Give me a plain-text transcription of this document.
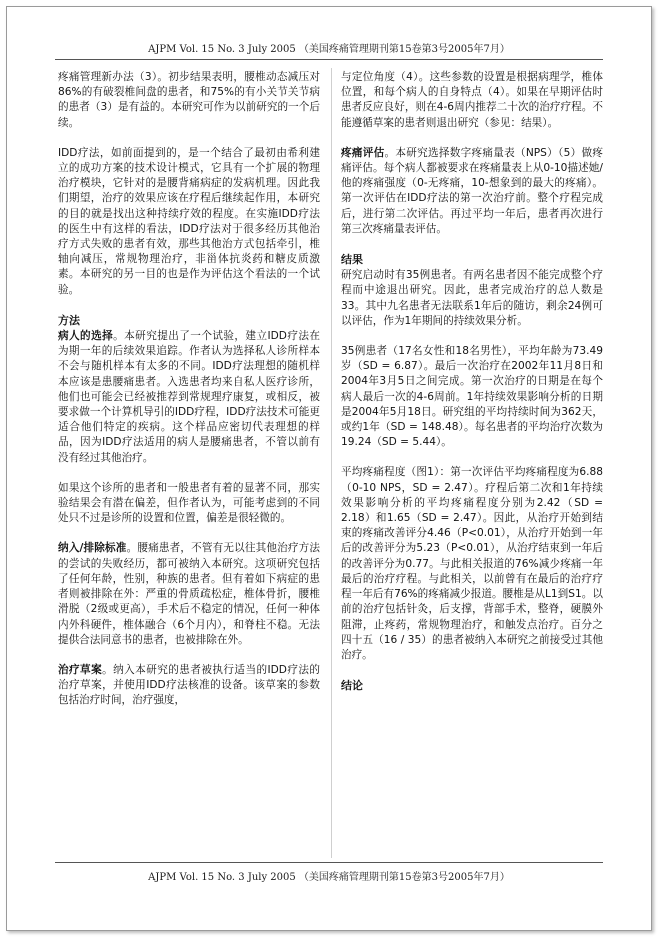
AJPM Vol. 15 No. 3 July 2005 （美国疼痛管理期刊第15卷第3号2005年7月）

疼痛管理新办法（3）。初步结果表明，腰椎动态减压对86%的有破裂椎间盘的患者，和75%的有小关节关节病的患者（3）是有益的。本研究可作为以前研究的一个后续。

IDD疗法，如前面提到的，是一个结合了最初由希利建立的成功方案的技术设计模式，它具有一个扩展的物理治疗模块，它针对的是腰背痛病症的发病机理。因此我们期望，治疗的效果应该在疗程后继续起作用，本研究的目的就是找出这种持续疗效的程度。在实施IDD疗法的医生中有这样的看法，IDD疗法对于很多经历其他治疗方式失败的患者有效，那些其他治方式包括牵引，椎轴向减压，常规物理治疗，非甾体抗炎药和糖皮质激素。本研究的另一目的也是作为评估这个看法的一个试验。

方法

病人的选择。本研究提出了一个试验，建立IDD疗法在为期一年的后续效果追踪。作者认为选择私人诊所样本不会与随机样本有太多的不同。IDD疗法理想的随机样本应该是患腰痛患者。入选患者均来自私人医疗诊所，他们也可能会已经被推荐到常规理疗康复，或相反，被要求做一个计算机导引的IDD疗程，IDD疗法技术可能更适合他们特定的疾病。这个样品应密切代表理想的样品，因为IDD疗法适用的病人是腰痛患者，不管以前有没有经过其他治疗。

如果这个诊所的患者和一般患者有着的显著不同，那实验结果会有潜在偏差，但作者认为，可能考虑到的不同处只不过是诊所的设置和位置，偏差是很轻微的。

纳入/排除标准。腰痛患者，不管有无以往其他治疗方法的尝试的失败经历，都可被纳入本研究。这项研究包括了任何年龄，性别，种族的患者。但有着如下病症的患者则被排除在外：严重的骨质疏松症，椎体骨折，腰椎滑脱（2级或更高），手术后不稳定的情况，任何一种体内外科硬件，椎体融合（6个月内），和脊柱不稳。无法提供合法同意书的患者，也被排除在外。

治疗草案。纳入本研究的患者被执行适当的IDD疗法的治疗草案，并使用IDD疗法核准的设备。该草案的参数包括治疗时间，治疗强度，

与定位角度（4）。这些参数的设置是根据病理学，椎体位置，和每个病人的自身特点（4）。如果在早期评估时患者反应良好，则在4-6周内推荐二十次的治疗疗程。不能遵循草案的患者则退出研究（参见：结果）。

疼痛评估。本研究选择数字疼痛量表（NPS）（5）做疼痛评估。每个病人都被要求在疼痛量表上从0-10描述她/他的疼痛强度（0-无疼痛，10-想象到的最大的疼痛）。第一次评估在IDD疗法的第一次治疗前。整个疗程完成后，进行第二次评估。再过平均一年后，患者再次进行第三次疼痛量表评估。

结果

研究启动时有35例患者。有两名患者因不能完成整个疗程而中途退出研究。因此，患者完成治疗的总人数是33。其中九名患者无法联系1年后的随访，剩余24例可以评估，作为1年期间的持续效果分析。

35例患者（17名女性和18名男性），平均年龄为73.49岁（SD = 6.87）。最后一次治疗在2002年11月8日和2004年3月5日之间完成。第一次治疗的日期是在每个病人最后一次的4-6周前。1年持续效果影响分析的日期是2004年5月18日。研究组的平均持续时间为362天，或约1年（SD = 148.48）。每名患者的平均治疗次数为19.24（SD = 5.44）。

平均疼痛程度（图1）：第一次评估平均疼痛程度为6.88（0-10 NPS，SD = 2.47）。疗程后第二次和1年持续效果影响分析的平均疼痛程度分别为2.42（SD = 2.18）和1.65（SD = 2.47）。因此，从治疗开始到结束的疼痛改善评分4.46（P<0.01），从治疗开始到一年后的改善评分为5.23（P<0.01），从治疗结束到一年后的改善评分为0.77。与此相关报道的76%减少疼痛一年最后的治疗疗程。与此相关，以前曾有在最后的治疗疗程一年后有76%的疼痛减少报道。腰椎是从L1到S1。以前的治疗包括针灸，后支撑，背部手术，整脊，硬膜外阻滞，止疼药，常规物理治疗，和触发点治疗。百分之四十五（16 / 35）的患者被纳入本研究之前接受过其他治疗。

结论
AJPM Vol. 15 No. 3 July 2005 （美国疼痛管理期刊第15卷第3号2005年7月）
